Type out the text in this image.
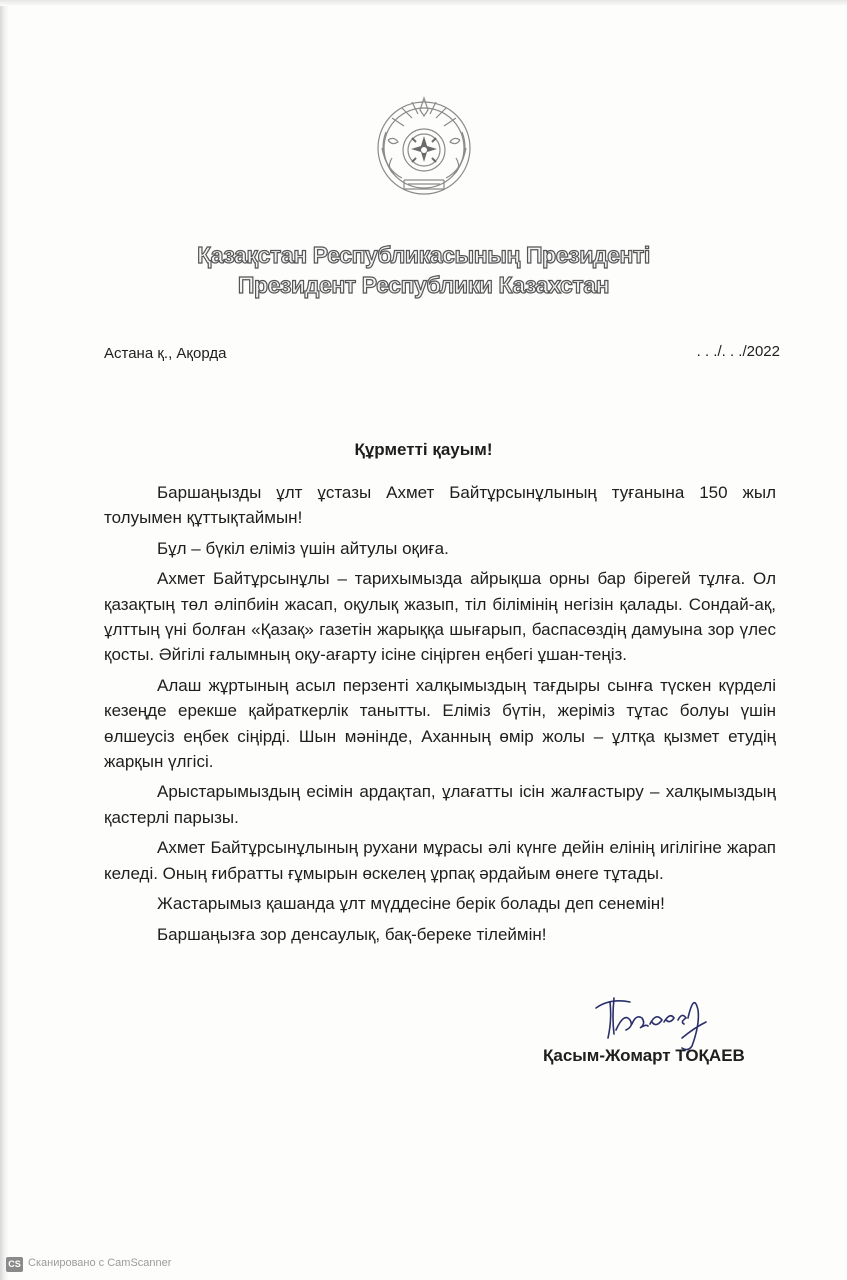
Қазақстан Республикасының Президенті
Президент Республики Казахстан
Астана қ., Ақорда	. . ./. . ./2022
Құрметті қауым!

Баршаңызды ұлт ұстазы Ахмет Байтұрсынұлының туғанына 150 жыл толуымен құттықтаймын!

Бұл – бүкіл еліміз үшін айтулы оқиға.

Ахмет Байтұрсынұлы – тарихымызда айрықша орны бар бірегей тұлға. Ол қазақтың төл әліпбиін жасап, оқулық жазып, тіл білімінің негізін қалады. Сондай-ақ, ұлттың үні болған «Қазақ» газетін жарыққа шығарып, баспасөздің дамуына зор үлес қосты. Әйгілі ғалымның оқу-ағарту ісіне сіңірген еңбегі ұшан-теңіз.

Алаш жұртының асыл перзенті халқымыздың тағдыры сынға түскен күрделі кезеңде ерекше қайраткерлік танытты. Еліміз бүтін, жеріміз тұтас болуы үшін өлшеусіз еңбек сіңірді. Шын мәнінде, Аханның өмір жолы – ұлтқа қызмет етудің жарқын үлгісі.

Арыстарымыздың есімін ардақтап, ұлағатты ісін жалғастыру – халқымыздың қастерлі парызы.

Ахмет Байтұрсынұлының рухани мұрасы әлі күнге дейін елінің игілігіне жарап келеді. Оның ғибратты ғұмырын өскелең ұрпақ әрдайым өнеге тұтады.

Жастарымыз қашанда ұлт мүддесіне берік болады деп сенемін!

Баршаңызға зор денсаулық, бақ-береке тілеймін!

Қасым-Жомарт ТОҚАЕВ
CS Сканировано с CamScanner
